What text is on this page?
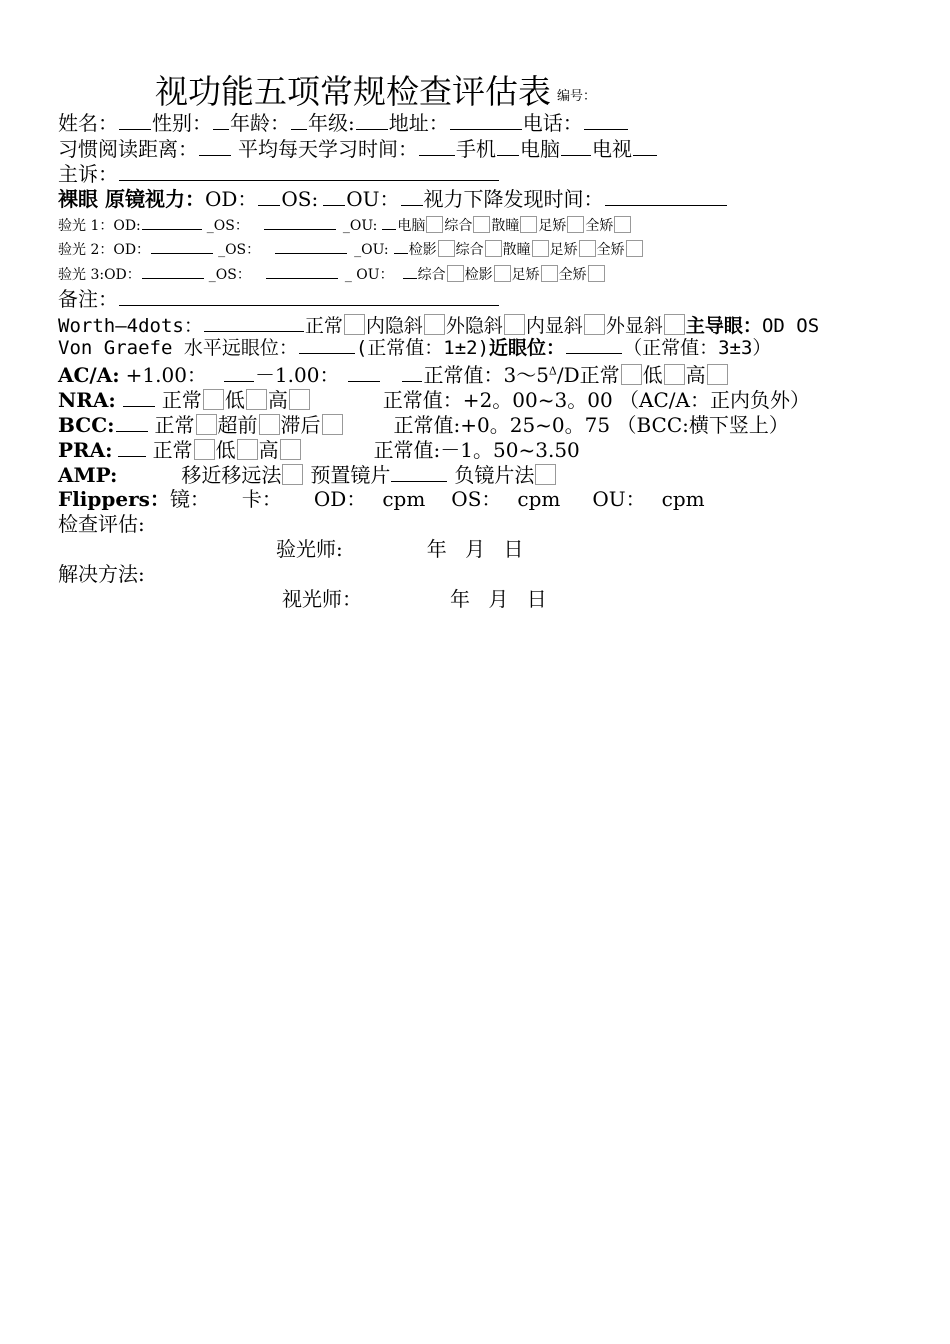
视功能五项常规检查评估表 编号：
姓名： 性别： 年龄： 年级: 地址：	电话：
习惯阅读距离： 平均每天学习时间： 手机 电脑 电视
主诉：
裸眼 原镜视力：OD： OS: OU： 视力下降发现时间：
验光 1：OD:	_OS：	_OU: 电脑 综合 散瞳 足矫 全矫
验光 2：OD：	_OS：	_OU: 检影 综合 散瞳 足矫 全矫
验光 3:OD：	_OS：	_ OU： 综合 检影 足矫 全矫
备注：
Worth—4dots：	正常 内隐斜 外隐斜 内显斜 外显斜 主导眼：OD OS
Von Graefe 水平远眼位：	(正常值：1±2)近眼位：	（正常值：3±3）
AC/A: +1.00： －1.00：	正常值：$3\sim 5^\Delta/D$正常 低 高
NRA: 正常 低 高	正常值：+2。00~3。00 （AC/A：正内负外）
BCC: 正常 超前 滞后	正常值:+0。25~0。75 （BCC:横下竖上）
PRA: 正常 低 高	正常值:－1。50~3.50
AMP:	移近移远法 预置镜片	负镜片法
Flippers：镜： 卡： OD： cpm OS： cpm OU： cpm
检查评估:
验光师:	年 月 日
解决方法:
视光师：	年 月 日
